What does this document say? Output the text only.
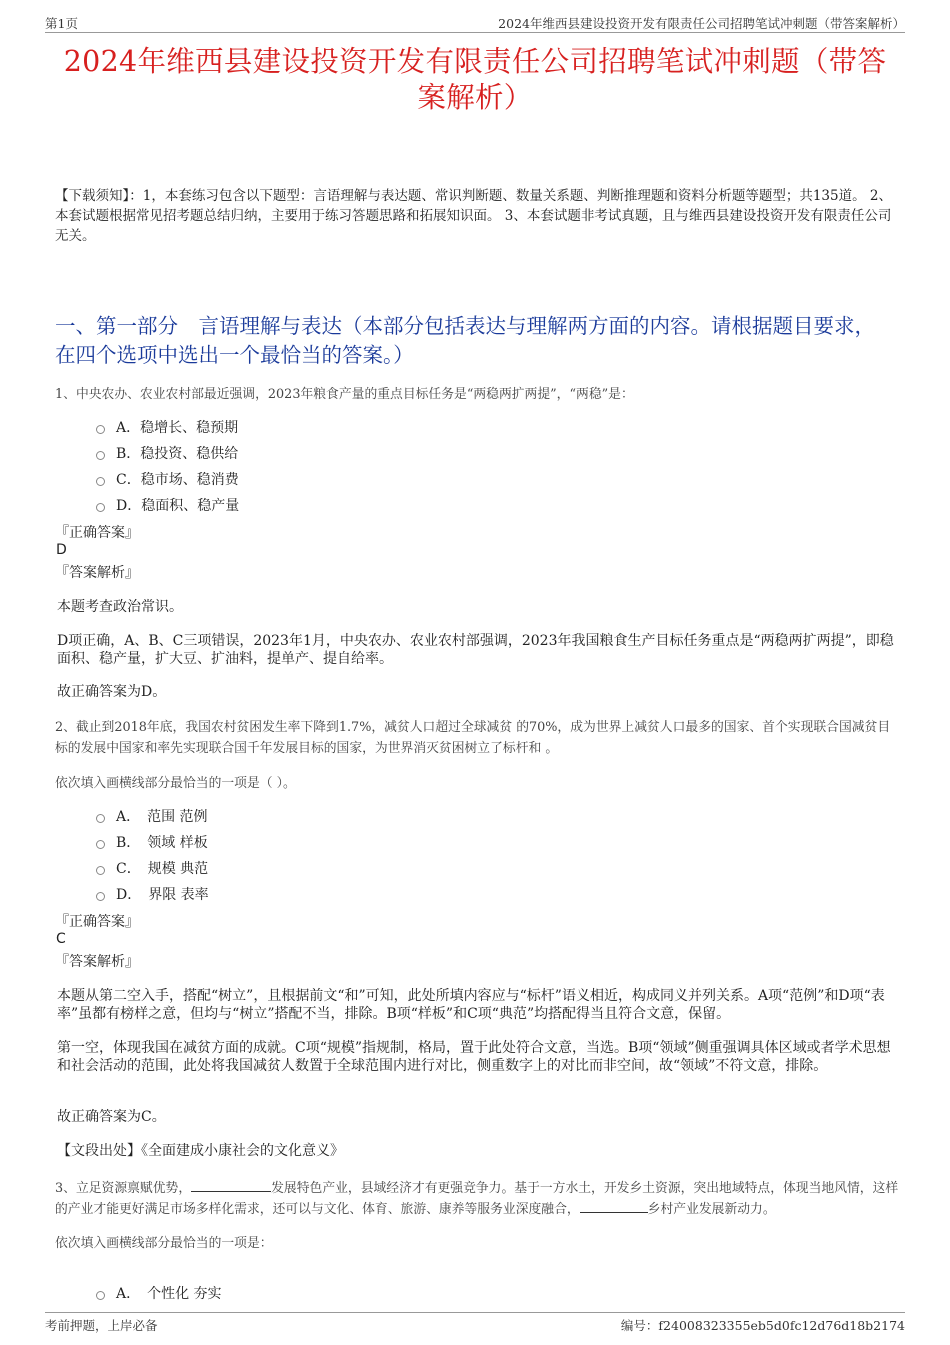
第1页	2024年维西县建设投资开发有限责任公司招聘笔试冲刺题（带答案解析）
2024年维西县建设投资开发有限责任公司招聘笔试冲刺题（带答案解析）
【下载须知】：1，本套练习包含以下题型：言语理解与表达题、常识判断题、数量关系题、判断推理题和资料分析题等题型；共135道。 2、本套试题根据常见招考题总结归纳，主要用于练习答题思路和拓展知识面。 3、本套试题非考试真题，且与维西县建设投资开发有限责任公司无关。
一、第一部分　言语理解与表达（本部分包括表达与理解两方面的内容。请根据题目要求，在四个选项中选出一个最恰当的答案。）
1、中央农办、农业农村部最近强调，2023年粮食产量的重点目标任务是“两稳两扩两提”，“两稳”是：
A．稳增长、稳预期
B．稳投资、稳供给
C．稳市场、稳消费
D．稳面积、稳产量
『正确答案』
D
『答案解析』
本题考查政治常识。
D项正确，A、B、C三项错误，2023年1月，中央农办、农业农村部强调，2023年我国粮食生产目标任务重点是“两稳两扩两提”，即稳面积、稳产量，扩大豆、扩油料，提单产、提自给率。
故正确答案为D。
2、截止到2018年底，我国农村贫困发生率下降到1.7%，减贫人口超过全球减贫 的70%，成为世界上减贫人口最多的国家、首个实现联合国减贫目标的发展中国家和率先实现联合国千年发展目标的国家，为世界消灭贫困树立了标杆和 。
依次填入画横线部分最恰当的一项是（ ）。
A．　范围 范例
B．　领域 样板
C．　规模 典范
D．　界限 表率
『正确答案』
C
『答案解析』
本题从第二空入手，搭配“树立”，且根据前文“和”可知，此处所填内容应与“标杆”语义相近，构成同义并列关系。A项“范例”和D项“表率”虽都有榜样之意，但均与“树立”搭配不当，排除。B项“样板”和C项“典范”均搭配得当且符合文意，保留。
第一空，体现我国在减贫方面的成就。C项“规模”指规制，格局，置于此处符合文意，当选。B项“领域”侧重强调具体区域或者学术思想和社会活动的范围，此处将我国减贫人数置于全球范围内进行对比，侧重数字上的对比而非空间，故“领域”不符文意，排除。
故正确答案为C。
【文段出处】《全面建成小康社会的文化意义》
3、立足资源禀赋优势，	发展特色产业，县域经济才有更强竞争力。基于一方水土，开发乡土资源，突出地域特点，体现当地风情，这样的产业才能更好满足市场多样化需求，还可以与文化、体育、旅游、康养等服务业深度融合，	乡村产业发展新动力。
依次填入画横线部分最恰当的一项是：
A．　个性化 夯实
考前押题，上岸必备	编号：f24008323355eb5d0fc12d76d18b2174
